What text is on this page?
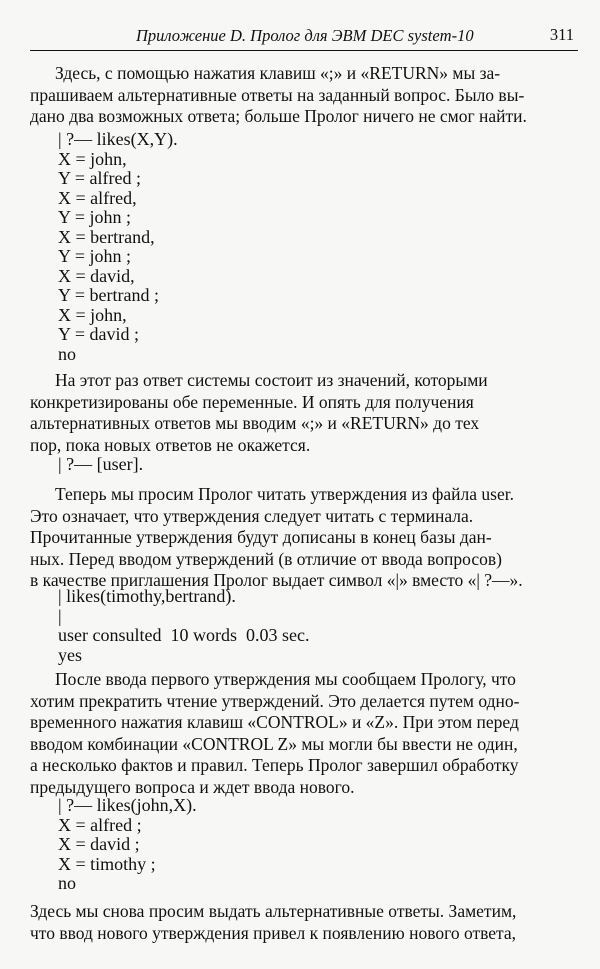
Приложение D. Пролог для ЭВМ DEC system-10	311

Здесь, с помощью нажатия клавиш «;» и «RETURN» мы за-
прашиваем альтернативные ответы на заданный вопрос. Было вы-
дано два возможных ответа; больше Пролог ничего не смог найти.

| ?— likes(X,Y).
X = john,
Y = alfred ;
X = alfred,
Y = john ;
X = bertrand,
Y = john ;
X = david,
Y = bertrand ;
X = john,
Y = david ;
no

На этот раз ответ системы состоит из значений, которыми
конкретизированы обе переменные. И опять для получения
альтернативных ответов мы вводим «;» и «RETURN» до тех
пор, пока новых ответов не окажется.

| ?— [user].

Теперь мы просим Пролог читать утверждения из файла user.
Это означает, что утверждения следует читать с терминала.
Прочитанные утверждения будут дописаны в конец базы дан-
ных. Перед вводом утверждений (в отличие от ввода вопросов)
в качестве приглашения Пролог выдает символ «|» вместо «| ?—».

| likes(timothy,bertrand).
|
user consulted  10 words  0.03 sec.
yes

После ввода первого утверждения мы сообщаем Прологу, что
хотим прекратить чтение утверждений. Это делается путем одно-
временного нажатия клавиш «CONTROL» и «Z». При этом перед
вводом комбинации «CONTROL Z» мы могли бы ввести не один,
а несколько фактов и правил. Теперь Пролог завершил обработку
предыдущего вопроса и ждет ввода нового.

| ?— likes(john,X).
X = alfred ;
X = david ;
X = timothy ;
no

Здесь мы снова просим выдать альтернативные ответы. Заметим,
что ввод нового утверждения привел к появлению нового ответа,
